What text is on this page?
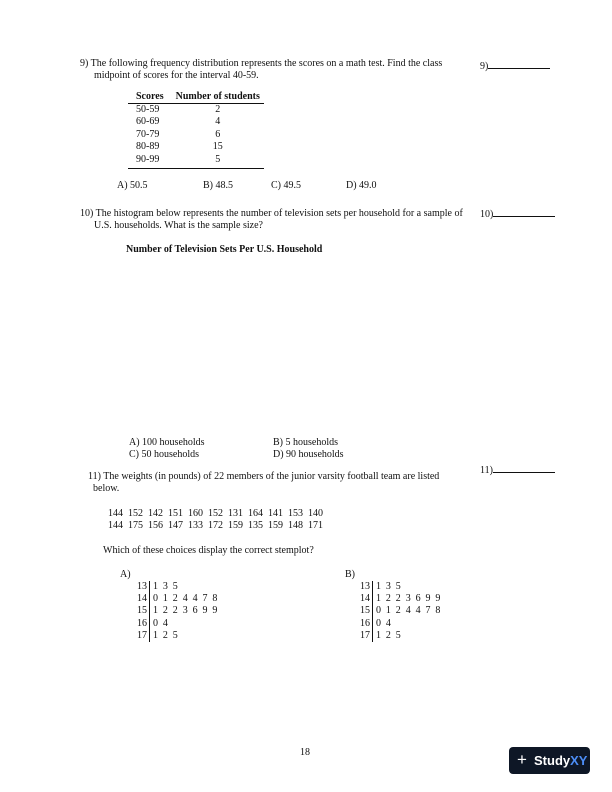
9) The following frequency distribution represents the scores on a math test. Find the class
midpoint of scores for the interval 40-59.
9)
Scores	Number of students
50-59	2
60-69	4
70-79	6
80-89	15
90-99	5
A) 50.5	B) 48.5	C) 49.5	D) 49.0
10) The histogram below represents the number of television sets per household for a sample of
U.S. households. What is the sample size?
10)
Number of Television Sets Per U.S. Household
A) 100 households	B) 5 households
C) 50 households	D) 90 households
11) The weights (in pounds) of 22 members of the junior varsity football team are listed
below.
11)
144  152  142  151  160  152  131  164  141  153  140
144  175  156  147  133  172  159  135  159  148  171
Which of these choices display the correct stemplot?
A)	B)
13 1 3 5
14 0 1 2 4 4 7 8
15 1 2 2 3 6 9 9
16 0 4
17 1 2 5
13 1 3 5
14 1 2 2 3 6 9 9
15 0 1 2 4 4 7 8
16 0 4
17 1 2 5
18	+ StudyXY
